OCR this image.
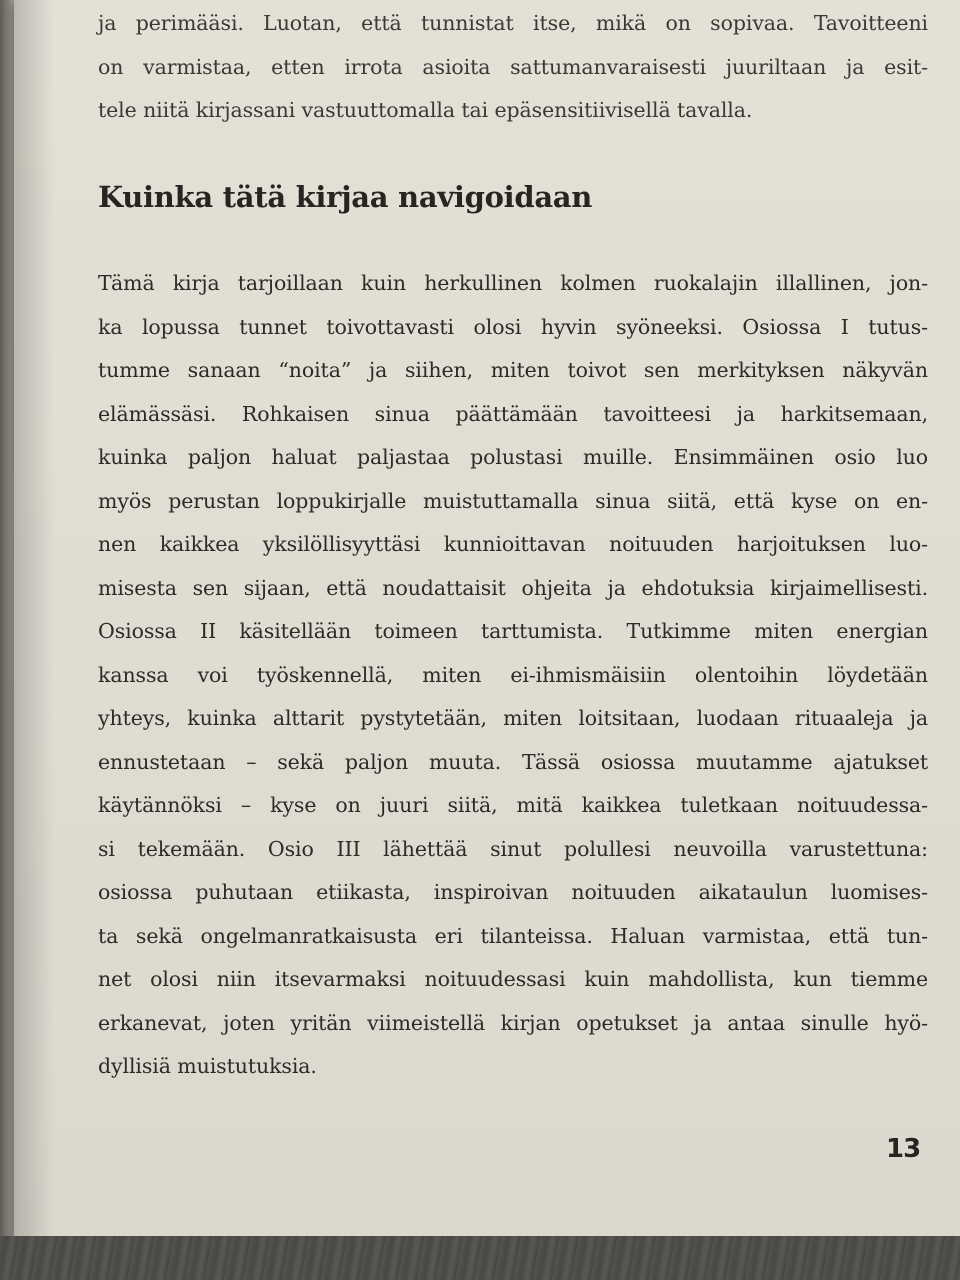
ja perimääsi. Luotan, että tunnistat itse, mikä on sopivaa. Tavoitteeni
on varmistaa, etten irrota asioita sattumanvaraisesti juuriltaan ja esit-
tele niitä kirjassani vastuuttomalla tai epäsensitiivisellä tavalla.

Kuinka tätä kirjaa navigoidaan

Tämä kirja tarjoillaan kuin herkullinen kolmen ruokalajin illallinen, jon-
ka lopussa tunnet toivottavasti olosi hyvin syöneeksi. Osiossa I tutus-
tumme sanaan “noita” ja siihen, miten toivot sen merkityksen näkyvän
elämässäsi. Rohkaisen sinua päättämään tavoitteesi ja harkitsemaan,
kuinka paljon haluat paljastaa polustasi muille. Ensimmäinen osio luo
myös perustan loppukirjalle muistuttamalla sinua siitä, että kyse on en-
nen kaikkea yksilöllisyyttäsi kunnioittavan noituuden harjoituksen luo-
misesta sen sijaan, että noudattaisit ohjeita ja ehdotuksia kirjaimellisesti.
Osiossa II käsitellään toimeen tarttumista. Tutkimme miten energian
kanssa voi työskennellä, miten ei-ihmismäisiin olentoihin löydetään
yhteys, kuinka alttarit pystytetään, miten loitsitaan, luodaan rituaaleja ja
ennustetaan – sekä paljon muuta. Tässä osiossa muutamme ajatukset
käytännöksi – kyse on juuri siitä, mitä kaikkea tuletkaan noituudessa-
si tekemään. Osio III lähettää sinut polullesi neuvoilla varustettuna:
osiossa puhutaan etiikasta, inspiroivan noituuden aikataulun luomises-
ta sekä ongelmanratkaisusta eri tilanteissa. Haluan varmistaa, että tun-
net olosi niin itsevarmaksi noituudessasi kuin mahdollista, kun tiemme
erkanevat, joten yritän viimeistellä kirjan opetukset ja antaa sinulle hyö-
dyllisiä muistutuksia.

13
